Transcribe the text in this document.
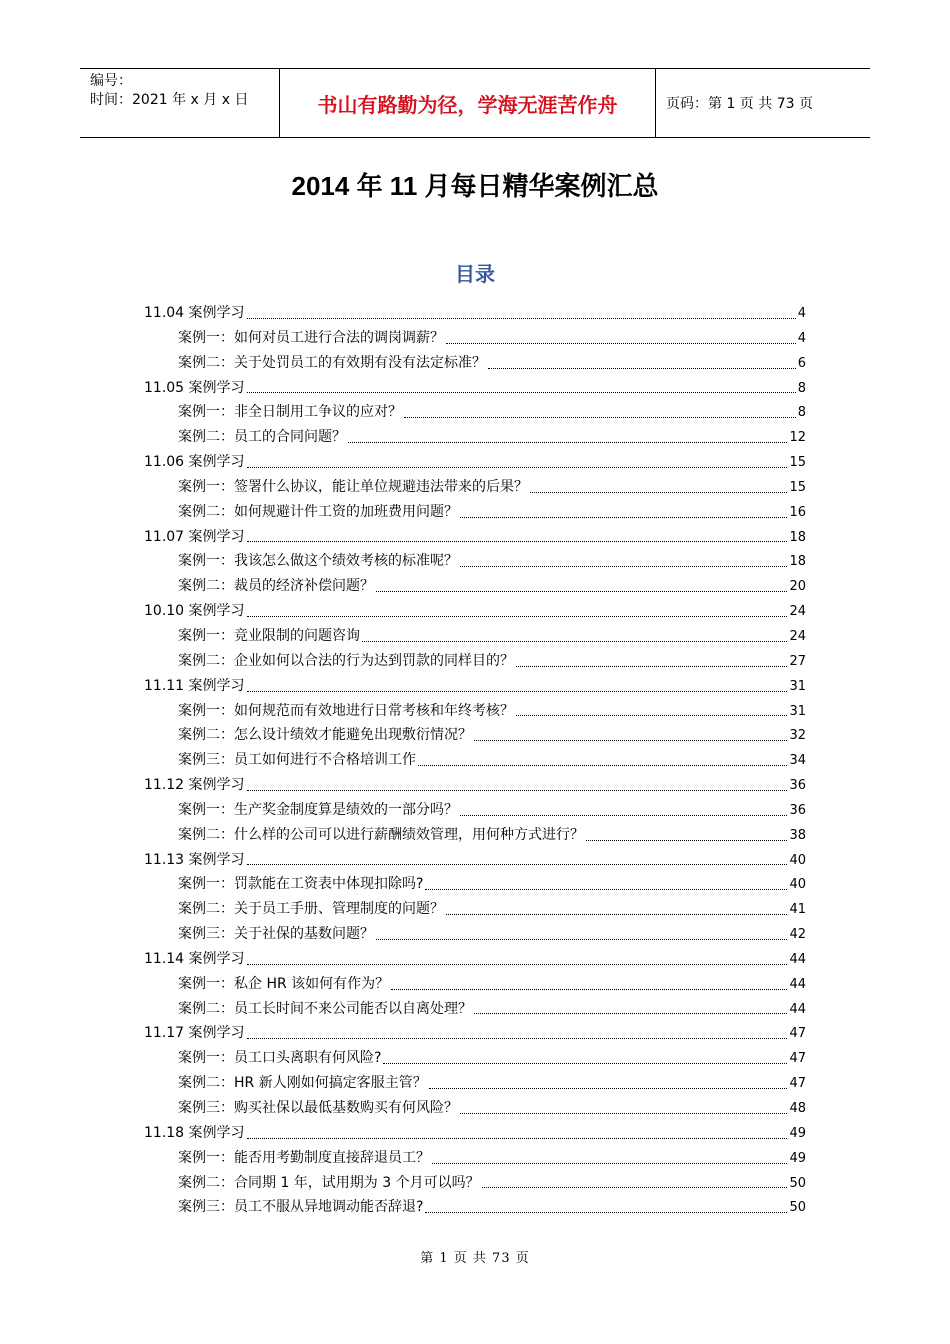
编号：
时间：2021 年 x 月 x 日	书山有路勤为径，学海无涯苦作舟	页码：第 1 页 共 73 页
2014 年 11 月每日精华案例汇总
目录
11.04 案例学习	4
案例一：如何对员工进行合法的调岗调薪？	4
案例二：关于处罚员工的有效期有没有法定标准？	6
11.05 案例学习	8
案例一：非全日制用工争议的应对？	8
案例二：员工的合同问题？	12
11.06 案例学习	15
案例一：签署什么协议，能让单位规避违法带来的后果？	15
案例二：如何规避计件工资的加班费用问题？	16
11.07 案例学习	18
案例一：我该怎么做这个绩效考核的标准呢？	18
案例二：裁员的经济补偿问题？	20
10.10 案例学习	24
案例一：竞业限制的问题咨询	24
案例二：企业如何以合法的行为达到罚款的同样目的？	27
11.11 案例学习	31
案例一：如何规范而有效地进行日常考核和年终考核？	31
案例二：怎么设计绩效才能避免出现敷衍情况？	32
案例三：员工如何进行不合格培训工作	34
11.12 案例学习	36
案例一：生产奖金制度算是绩效的一部分吗？	36
案例二：什么样的公司可以进行薪酬绩效管理，用何种方式进行？	38
11.13 案例学习	40
案例一：罚款能在工资表中体现扣除吗?	40
案例二：关于员工手册、管理制度的问题？	41
案例三：关于社保的基数问题？	42
11.14 案例学习	44
案例一：私企 HR 该如何有作为？	44
案例二：员工长时间不来公司能否以自离处理？	44
11.17 案例学习	47
案例一：员工口头离职有何风险?	47
案例二：HR 新人刚如何搞定客服主管？	47
案例三：购买社保以最低基数购买有何风险？	48
11.18 案例学习	49
案例一：能否用考勤制度直接辞退员工？	49
案例二：合同期 1 年，试用期为 3 个月可以吗？	50
案例三：员工不服从异地调动能否辞退?	50
第 1 页 共 73 页
